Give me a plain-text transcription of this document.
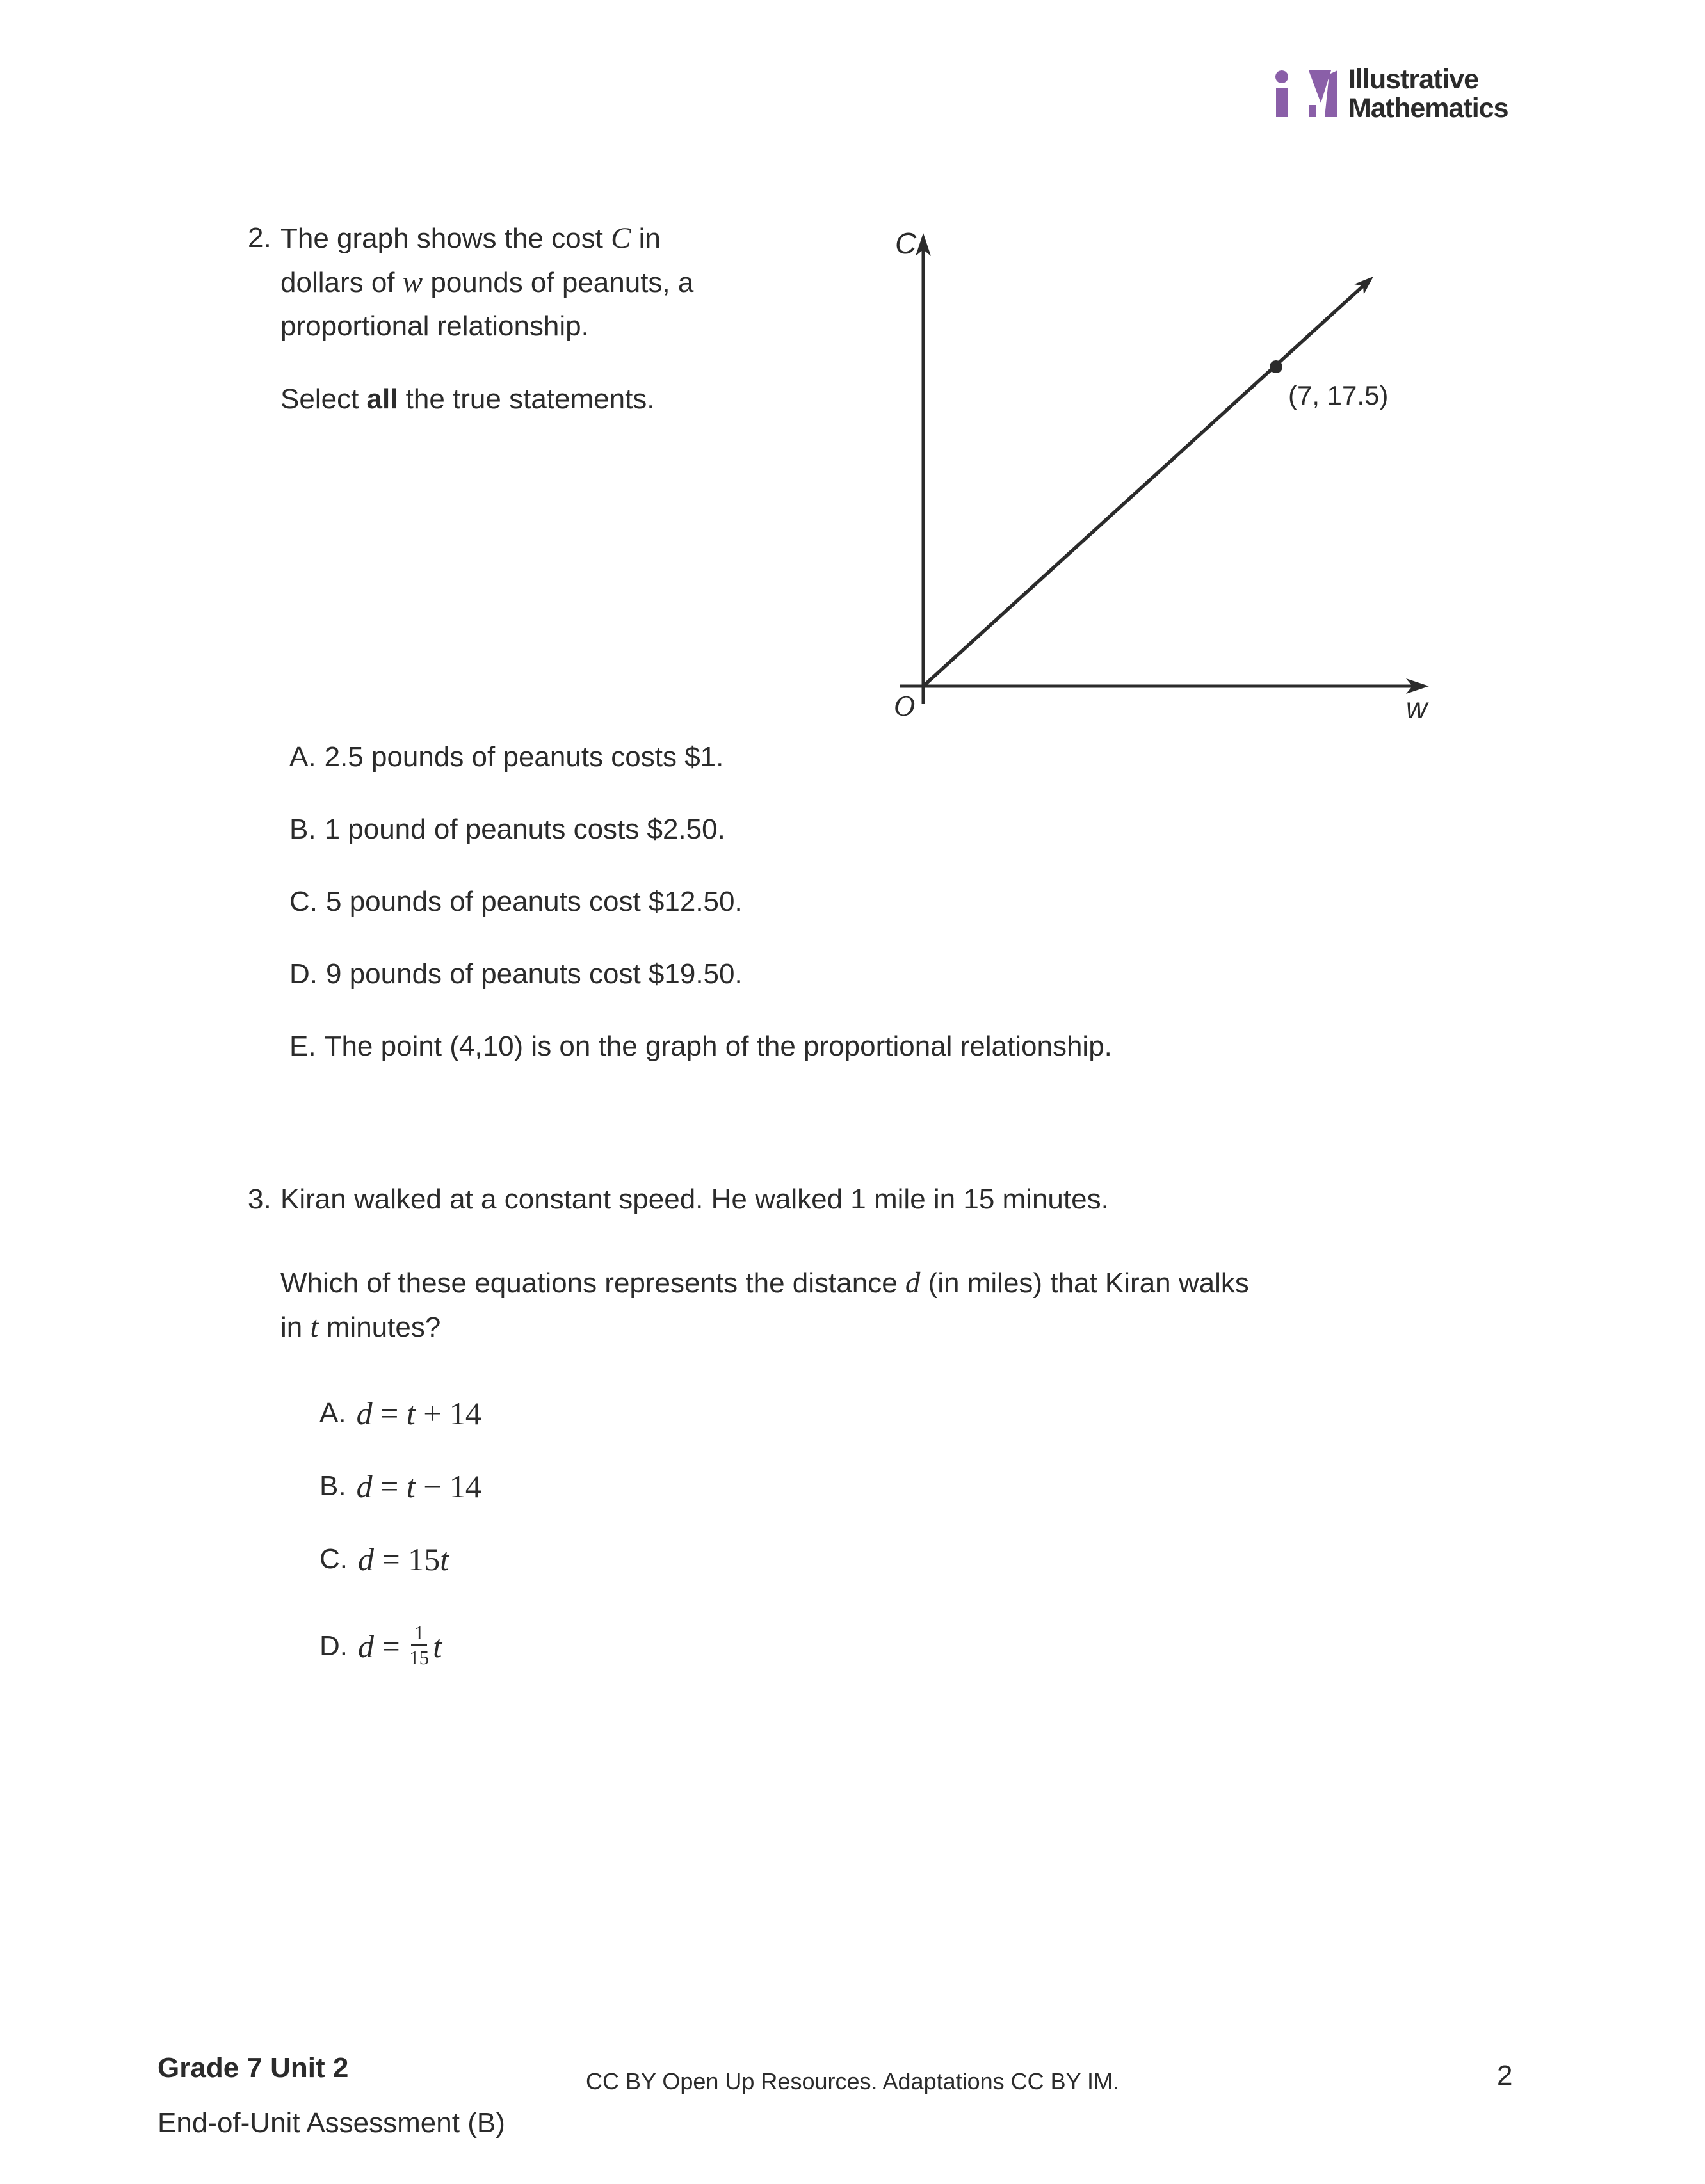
Illustrative
Mathematics
2. The graph shows the cost C in
dollars of w pounds of peanuts, a
proportional relationship.
Select all the true statements.	(7, 17.5)
C
w
O
A. 2.5 pounds of peanuts costs $1.
B. 1 pound of peanuts costs $2.50.
C. 5 pounds of peanuts cost $12.50.
D. 9 pounds of peanuts cost $19.50.
E. The point (4,10) is on the graph of the proportional relationship.
3. Kiran walked at a constant speed. He walked 1 mile in 15 minutes.
Which of these equations represents the distance d (in miles) that Kiran walks
in t minutes?
A. d = t + 14
B. d = t − 14
C. d = 15 t
D. $d = \frac{1}{15}$ t
Grade 7 Unit 2
End-of-Unit Assessment (B)
CC BY Open Up Resources. Adaptations CC BY IM.	2
